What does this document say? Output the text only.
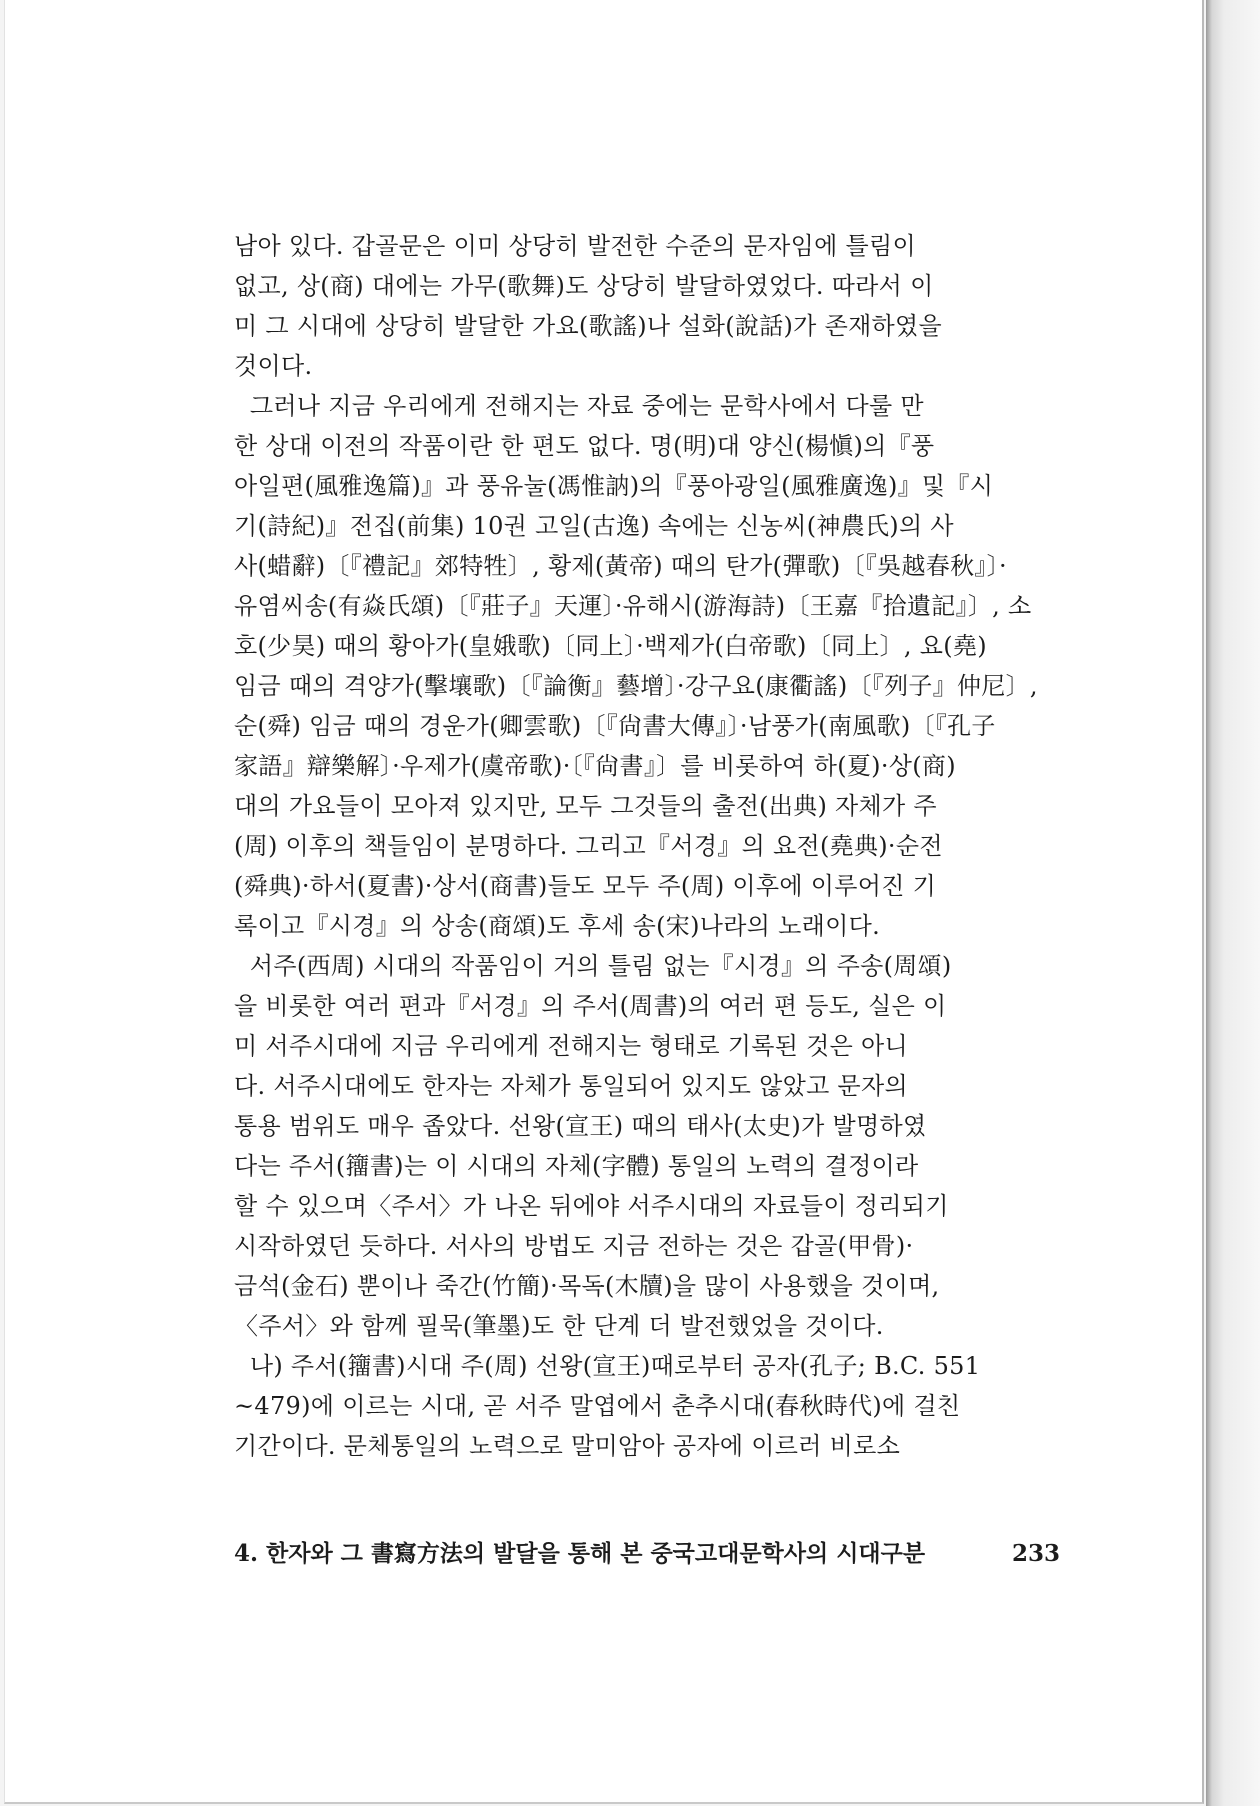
남아 있다. 갑골문은 이미 상당히 발전한 수준의 문자임에 틀림이
없고, 상(商) 대에는 가무(歌舞)도 상당히 발달하였었다. 따라서 이
미 그 시대에 상당히 발달한 가요(歌謠)나 설화(說話)가 존재하였을
것이다.
그러나 지금 우리에게 전해지는 자료 중에는 문학사에서 다룰 만
한 상대 이전의 작품이란 한 편도 없다. 명(明)대 양신(楊愼)의『풍
아일편(風雅逸篇)』과 풍유눌(馮惟訥)의『풍아광일(風雅廣逸)』및『시
기(詩紀)』전집(前集) 10권 고일(古逸) 속에는 신농씨(神農氏)의 사
사(蜡辭)〔『禮記』郊特牲〕, 황제(黃帝) 때의 탄가(彈歌)〔『吳越春秋』〕·
유염씨송(有焱氏頌)〔『莊子』天運〕·유해시(游海詩)〔王嘉『拾遺記』〕, 소
호(少昊) 때의 황아가(皇娥歌)〔同上〕·백제가(白帝歌)〔同上〕, 요(堯)
임금 때의 격양가(擊壤歌)〔『論衡』藝增〕·강구요(康衢謠)〔『列子』仲尼〕,
순(舜) 임금 때의 경운가(卿雲歌)〔『尙書大傳』〕·남풍가(南風歌)〔『孔子
家語』辯樂解〕·우제가(虞帝歌)·〔『尙書』〕를 비롯하여 하(夏)·상(商)
대의 가요들이 모아져 있지만, 모두 그것들의 출전(出典) 자체가 주
(周) 이후의 책들임이 분명하다. 그리고『서경』의 요전(堯典)·순전
(舜典)·하서(夏書)·상서(商書)들도 모두 주(周) 이후에 이루어진 기
록이고『시경』의 상송(商頌)도 후세 송(宋)나라의 노래이다.
서주(西周) 시대의 작품임이 거의 틀림 없는『시경』의 주송(周頌)
을 비롯한 여러 편과『서경』의 주서(周書)의 여러 편 등도, 실은 이
미 서주시대에 지금 우리에게 전해지는 형태로 기록된 것은 아니
다. 서주시대에도 한자는 자체가 통일되어 있지도 않았고 문자의
통용 범위도 매우 좁았다. 선왕(宣王) 때의 태사(太史)가 발명하였
다는 주서(籒書)는 이 시대의 자체(字體) 통일의 노력의 결정이라
할 수 있으며〈주서〉가 나온 뒤에야 서주시대의 자료들이 정리되기
시작하였던 듯하다. 서사의 방법도 지금 전하는 것은 갑골(甲骨)·
금석(金石) 뿐이나 죽간(竹簡)·목독(木牘)을 많이 사용했을 것이며,
〈주서〉와 함께 필묵(筆墨)도 한 단계 더 발전했었을 것이다.
나) 주서(籒書)시대 주(周) 선왕(宣王)때로부터 공자(孔子; B.C. 551
~479)에 이르는 시대, 곧 서주 말엽에서 춘추시대(春秋時代)에 걸친
기간이다. 문체통일의 노력으로 말미암아 공자에 이르러 비로소
4. 한자와 그 書寫方法의 발달을 통해 본 중국고대문학사의 시대구분	233
